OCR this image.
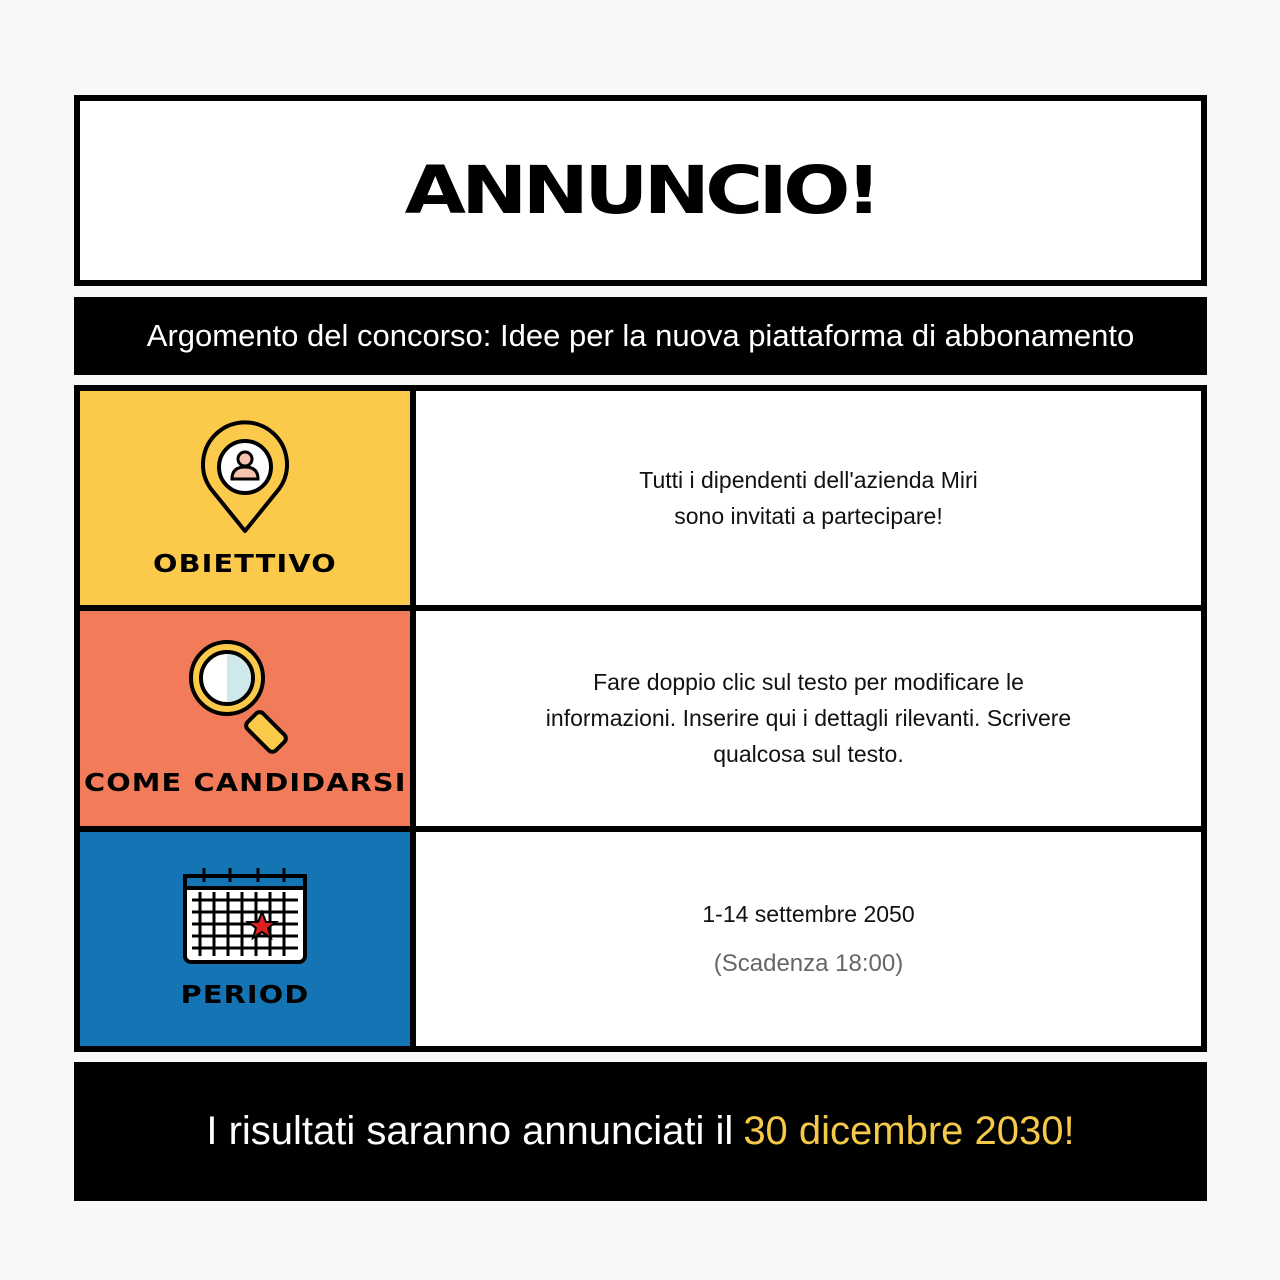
ANNUNCIO!
Argomento del concorso: Idee per la nuova piattaforma di abbonamento
OBIETTIVO
Tutti i dipendenti dell'azienda Miri
sono invitati a partecipare!
COME CANDIDARSI
Fare doppio clic sul testo per modificare le
informazioni. Inserire qui i dettagli rilevanti. Scrivere
qualcosa sul testo.
PERIOD
1-14 settembre 2050
(Scadenza 18:00)
I risultati saranno annunciati il 30 dicembre 2030!
